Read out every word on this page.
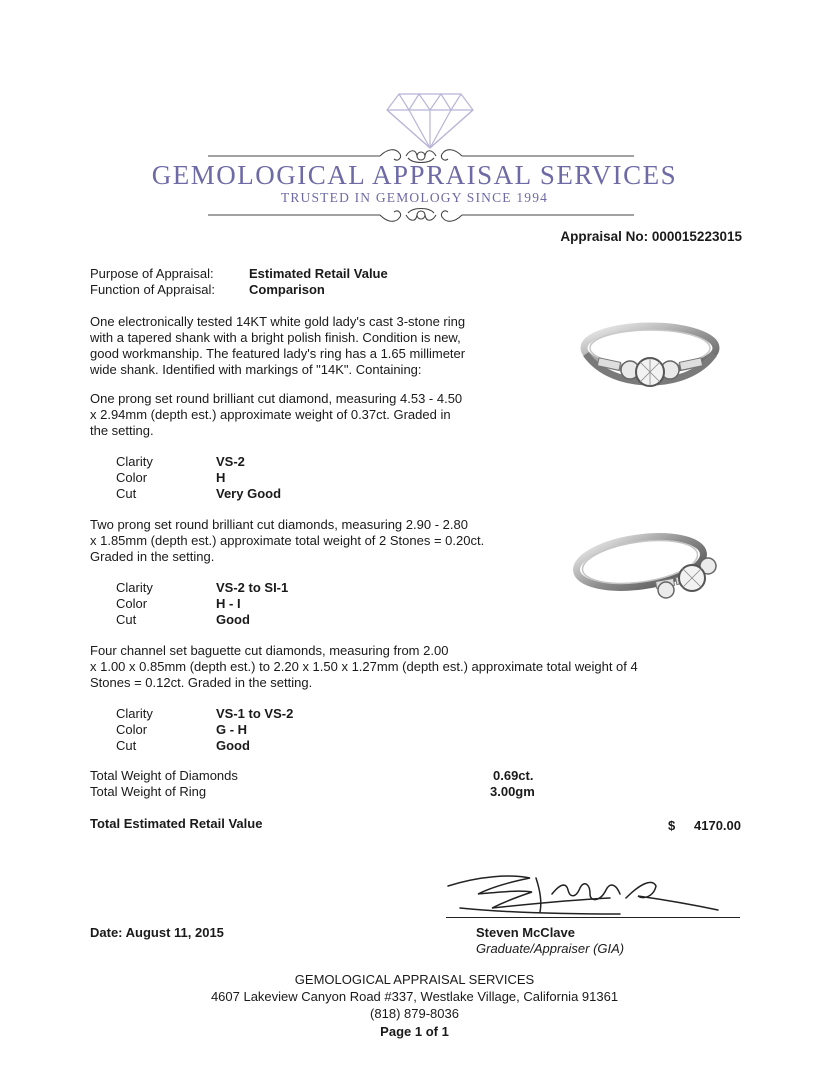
GEMOLOGICAL APPRAISAL SERVICES
TRUSTED IN GEMOLOGY SINCE 1994
Appraisal No: 000015223015
Purpose of Appraisal:	Estimated Retail Value
Function of Appraisal:	Comparison
One electronically tested 14KT white gold lady's cast 3-stone ring
with a tapered shank with a bright polish finish. Condition is new,
good workmanship. The featured lady's ring has a 1.65 millimeter
wide shank. Identified with markings of "14K". Containing:
One prong set round brilliant cut diamond, measuring 4.53 - 4.50
x 2.94mm (depth est.) approximate weight of 0.37ct. Graded in
the setting.
Clarity	VS-2
Color	H
Cut	Very Good
Two prong set round brilliant cut diamonds, measuring 2.90 - 2.80
x 1.85mm (depth est.) approximate total weight of 2 Stones = 0.20ct.
Graded in the setting.
Clarity	VS-2 to SI-1
Color	H - I
Cut	Good
Four channel set baguette cut diamonds, measuring from 2.00
x 1.00 x 0.85mm (depth est.) to 2.20 x 1.50 x 1.27mm (depth est.) approximate total weight of 4
Stones = 0.12ct. Graded in the setting.
Clarity	VS-1 to VS-2
Color	G - H
Cut	Good
Total Weight of Diamonds	0.69ct.
Total Weight of Ring	3.00gm
Total Estimated Retail Value	$ 4170.00
Date: August 11, 2015	Steven McClave
Graduate/Appraiser (GIA)
GEMOLOGICAL APPRAISAL SERVICES
4607 Lakeview Canyon Road #337, Westlake Village, California 91361
(818) 879-8036
Page 1 of 1
